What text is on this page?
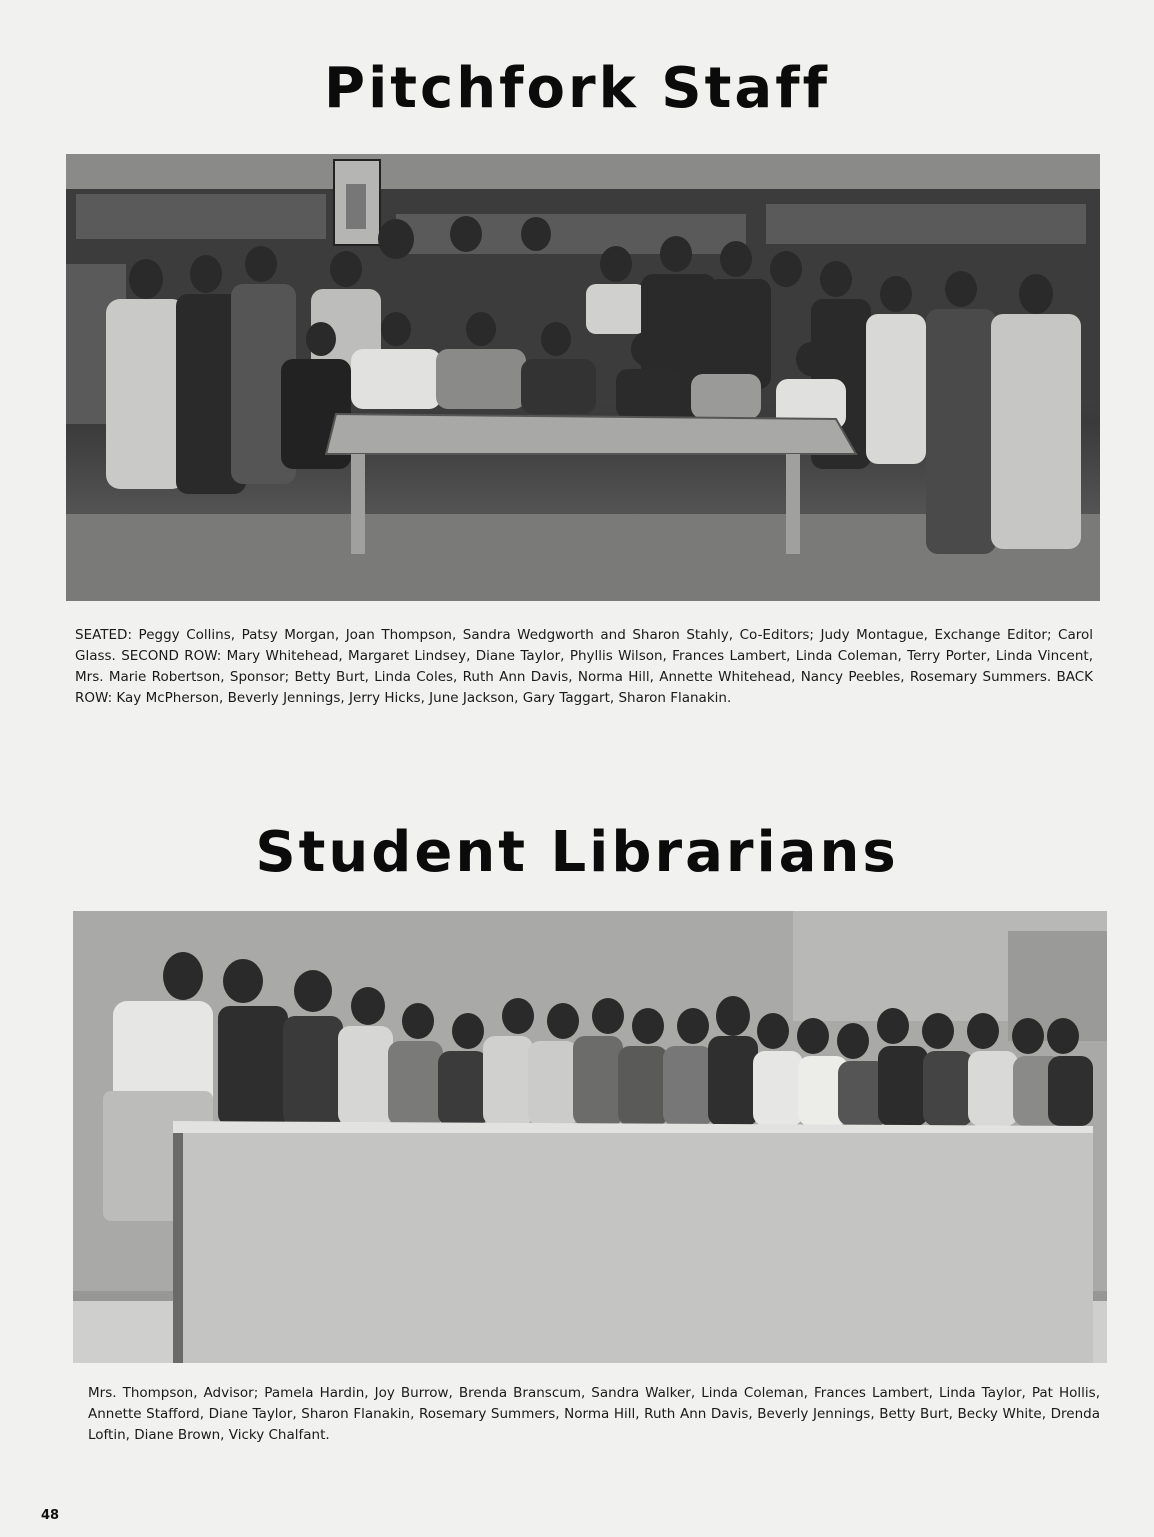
Pitchfork Staff

SEATED: Peggy Collins, Patsy Morgan, Joan Thompson, Sandra Wedgworth and Sharon Stahly, Co-Editors; Judy Montague, Exchange Editor; Carol Glass. SECOND ROW: Mary Whitehead, Margaret Lindsey, Diane Taylor, Phyllis Wilson, Frances Lambert, Linda Coleman, Terry Porter, Linda Vincent, Mrs. Marie Robertson, Sponsor; Betty Burt, Linda Coles, Ruth Ann Davis, Norma Hill, Annette Whitehead, Nancy Peebles, Rosemary Summers. BACK ROW: Kay McPherson, Beverly Jennings, Jerry Hicks, June Jackson, Gary Taggart, Sharon Flanakin.

Student Librarians

Mrs. Thompson, Advisor; Pamela Hardin, Joy Burrow, Brenda Branscum, Sandra Walker, Linda Coleman, Frances Lambert, Linda Taylor, Pat Hollis, Annette Stafford, Diane Taylor, Sharon Flanakin, Rosemary Summers, Norma Hill, Ruth Ann Davis, Beverly Jennings, Betty Burt, Becky White, Drenda Loftin, Diane Brown, Vicky Chalfant.

48
